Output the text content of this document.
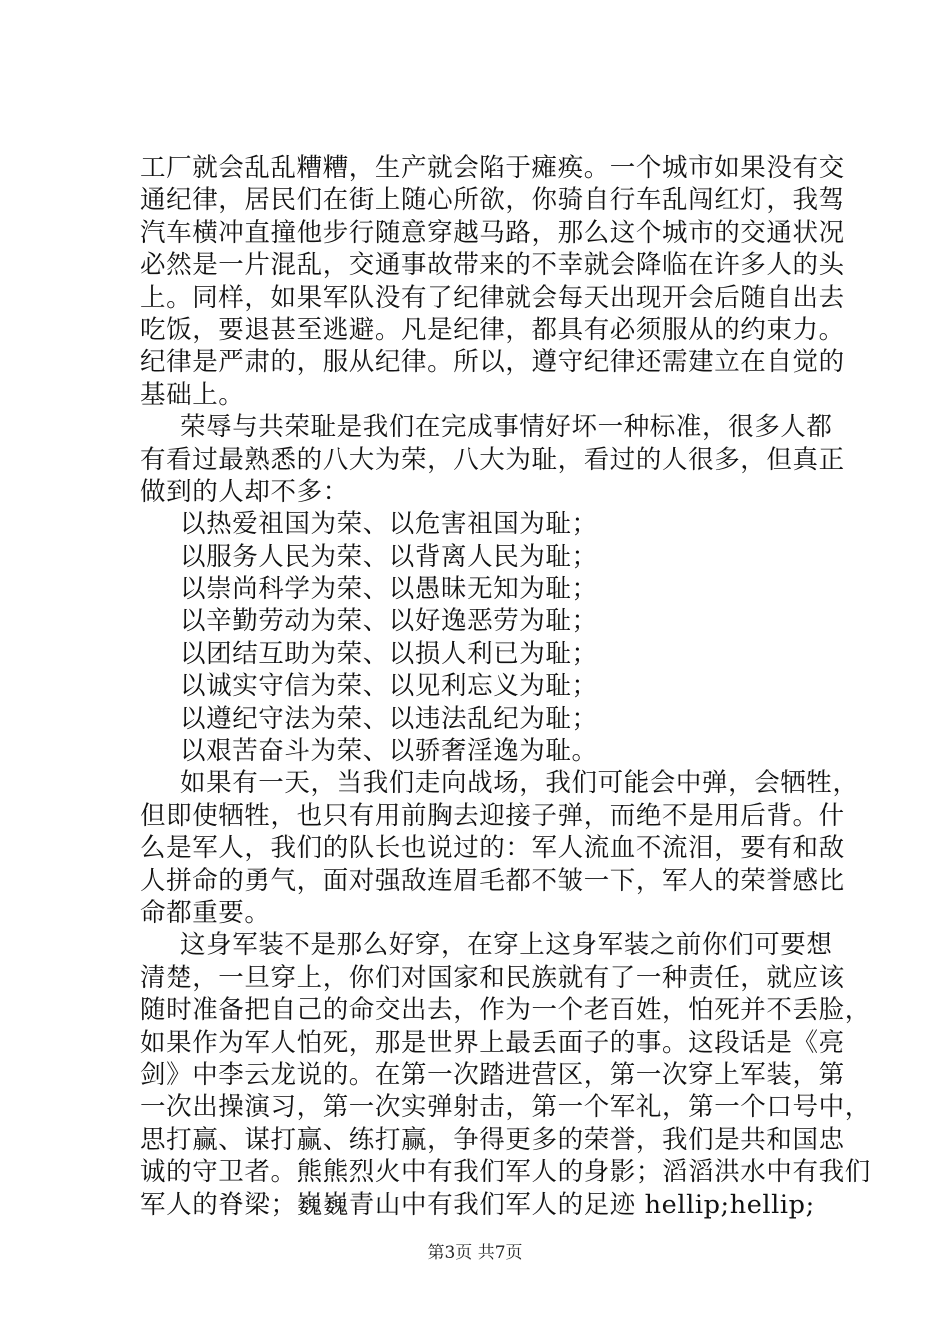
工厂就会乱乱糟糟，生产就会陷于瘫痪。一个城市如果没有交
通纪律，居民们在街上随心所欲，你骑自行车乱闯红灯，我驾
汽车横冲直撞他步行随意穿越马路，那么这个城市的交通状况
必然是一片混乱，交通事故带来的不幸就会降临在许多人的头
上。同样，如果军队没有了纪律就会每天出现开会后随自出去
吃饭，要退甚至逃避。凡是纪律，都具有必须服从的约束力。
纪律是严肃的，服从纪律。所以，遵守纪律还需建立在自觉的
基础上。
荣辱与共荣耻是我们在完成事情好坏一种标准，很多人都
有看过最熟悉的八大为荣，八大为耻，看过的人很多，但真正
做到的人却不多：
以热爱祖国为荣、以危害祖国为耻；
以服务人民为荣、以背离人民为耻；
以崇尚科学为荣、以愚昧无知为耻；
以辛勤劳动为荣、以好逸恶劳为耻；
以团结互助为荣、以损人利已为耻；
以诚实守信为荣、以见利忘义为耻；
以遵纪守法为荣、以违法乱纪为耻；
以艰苦奋斗为荣、以骄奢淫逸为耻。
如果有一天，当我们走向战场，我们可能会中弹，会牺牲，
但即使牺牲，也只有用前胸去迎接子弹，而绝不是用后背。什
么是军人，我们的队长也说过的：军人流血不流泪，要有和敌
人拼命的勇气，面对强敌连眉毛都不皱一下，军人的荣誉感比
命都重要。
这身军装不是那么好穿，在穿上这身军装之前你们可要想
清楚，一旦穿上，你们对国家和民族就有了一种责任，就应该
随时准备把自己的命交出去，作为一个老百姓，怕死并不丢脸，
如果作为军人怕死，那是世界上最丢面子的事。这段话是《亮
剑》中李云龙说的。在第一次踏进营区，第一次穿上军装，第
一次出操演习，第一次实弹射击，第一个军礼，第一个口号中，
思打赢、谋打赢、练打赢，争得更多的荣誉，我们是共和国忠
诚的守卫者。熊熊烈火中有我们军人的身影；滔滔洪水中有我们
军人的脊梁；巍巍青山中有我们军人的足迹 hellip;hellip;
第3页 共7页
